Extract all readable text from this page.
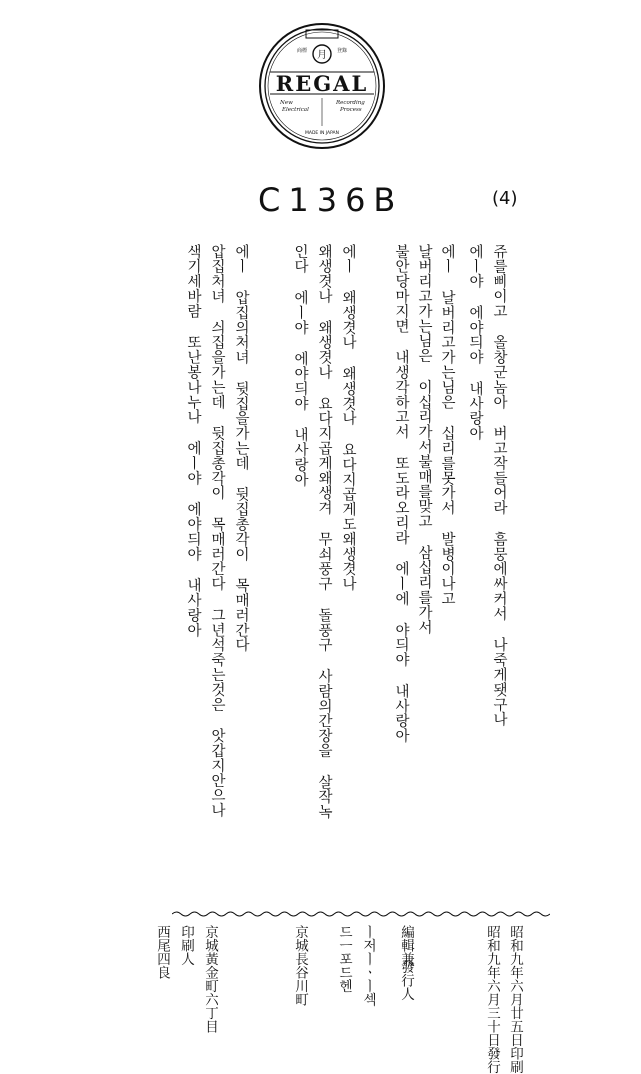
月
商標	登錄
REGAL
New
Electrical
Recording
Process
MADE IN JAPAN
C136B	(4)
쥬를삐이고 올창군놈아 버고작들어라 흠뭉에싸커서 나죽게됏구나
에ㅣ야 에야듸야 내사랑아
날버리고가는님은 이십리가서불매를맞고 삼십리를가서
불안당마지면 내생각하고서 또도라오리라 에ㅣ에 야듸야 내사랑아 에ㅣ 날버리고가는님은 십리를못가서 발병이나고
에ㅣ 왜생겻나 왜생겻나 요다지곱게도왜생겻나
왜생겻나 왜생겻나 요다지곱게왜생겨 무쇠풍구 돌풍구 사람의간장을 살작녹
인다 에ㅣ야 에야듸야 내사랑아
에ㅣ 압집의처녀 뒷집을가는데 뒷집총각이 목매러간다
압집처녀 싀집을가는데 뒷집총각이 목매러간다 그년석죽는것은 앗갑지안으나
색기세바람 또난봉나누나 에ㅣ야 에야듸야 내사랑아
昭和九年六月廿五日印刷
昭和九年六月三十日發行
編輯兼
發行人
ㅣ저ㅣㆍㅣ섹
드ㅡ포드헨
京城長谷川町
京城黃金町六丁目
印刷人
西尾四良
